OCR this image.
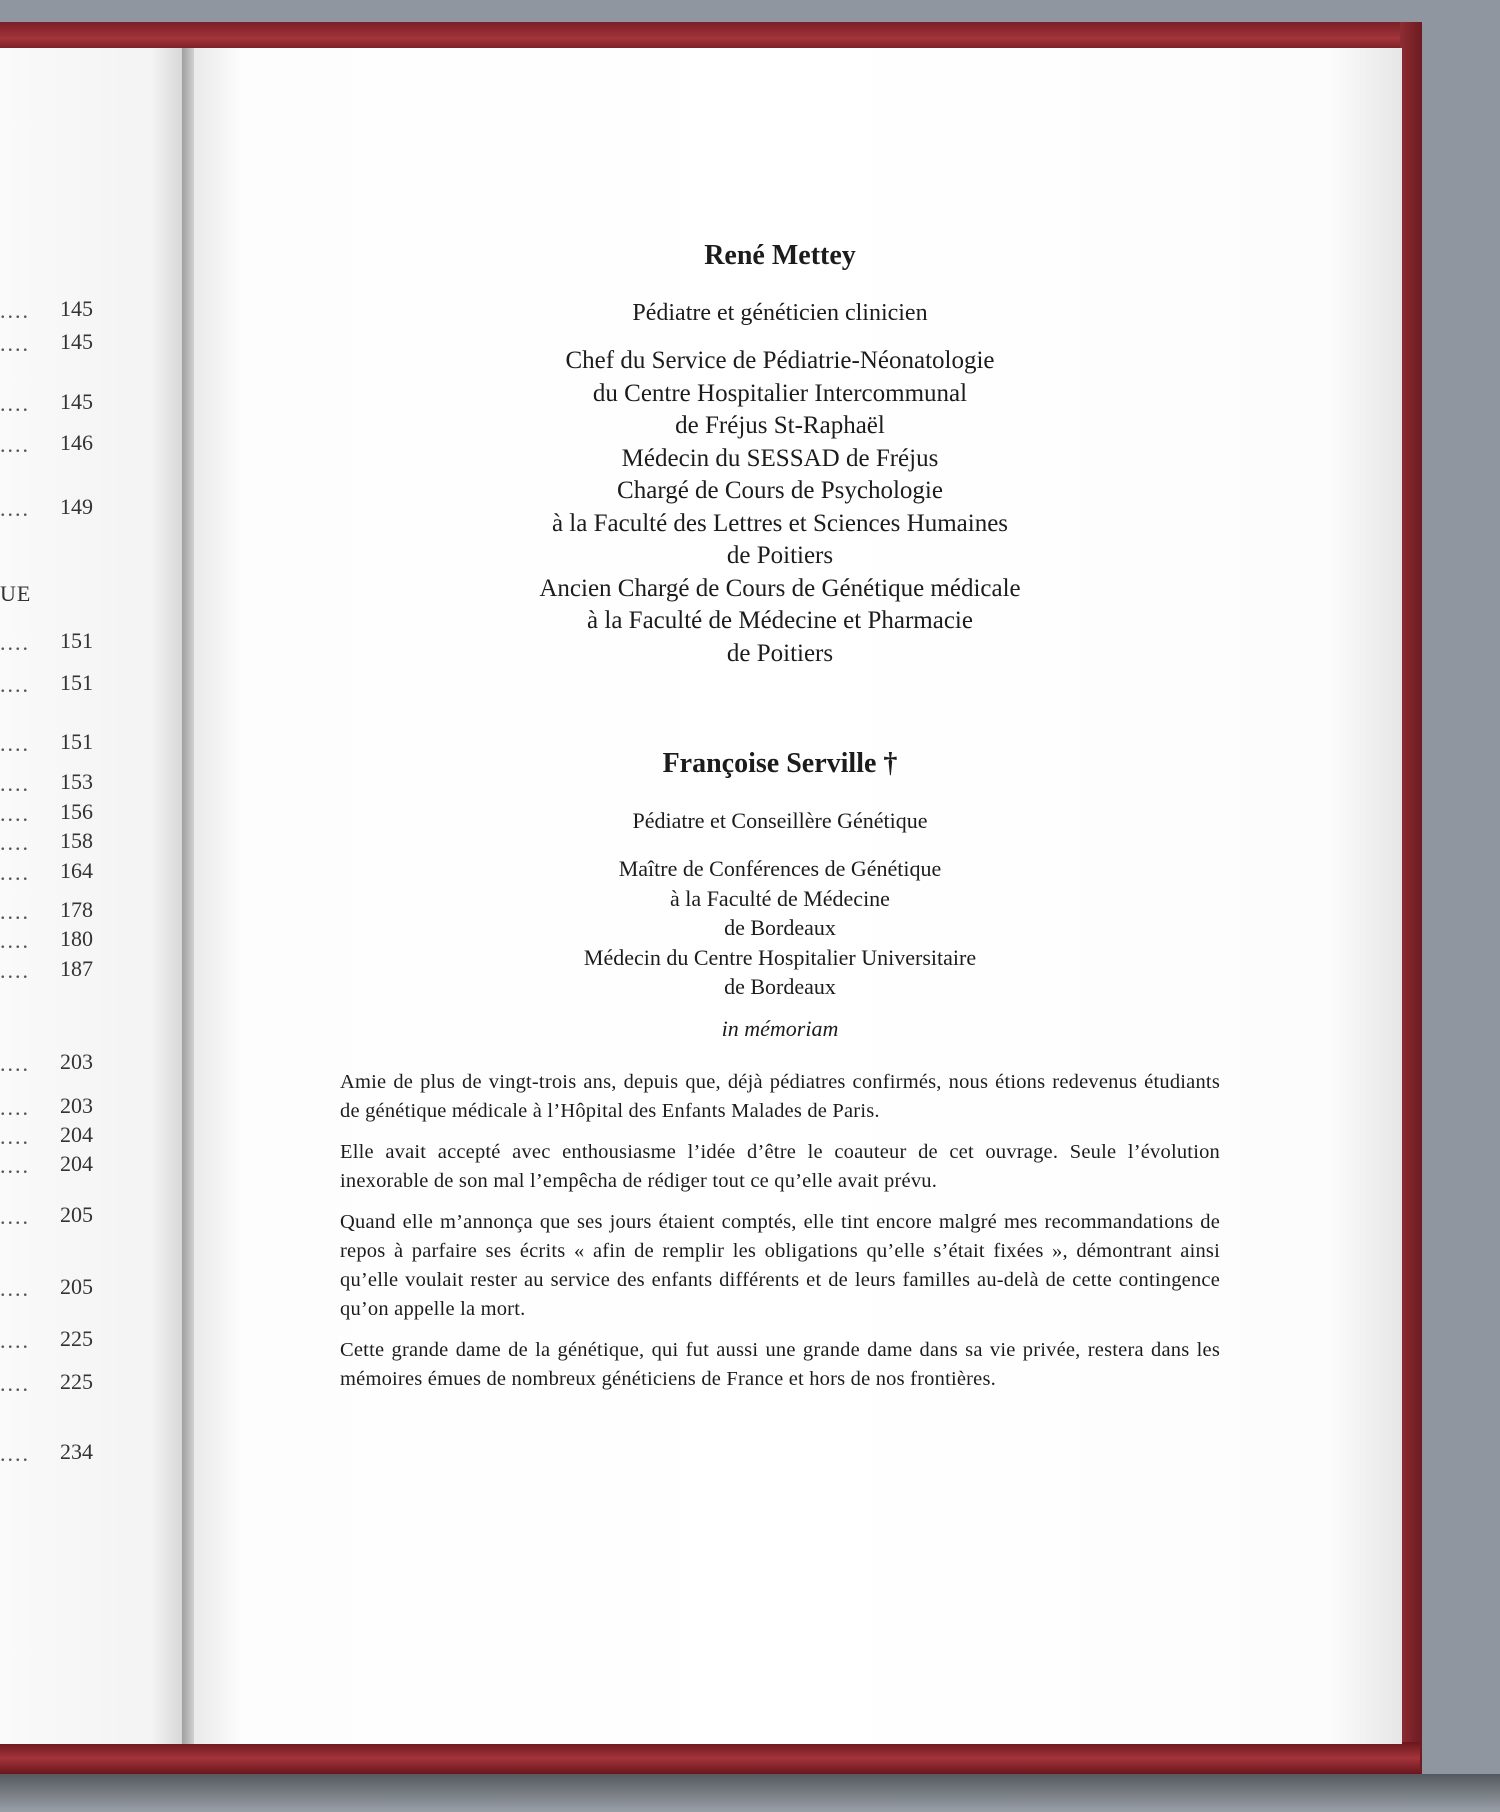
.... 145
.... 145
.... 145
.... 146
.... 149
UE
.... 151
.... 151
.... 151
.... 153
.... 156
.... 158
.... 164
.... 178
.... 180
.... 187
.... 203
.... 203
.... 204
.... 204
.... 205
.... 205
.... 225
.... 225
.... 234
René Mettey

Pédiatre et généticien clinicien

Chef du Service de Pédiatrie-Néonatologie

du Centre Hospitalier Intercommunal

de Fréjus St-Raphaël

Médecin du SESSAD de Fréjus

Chargé de Cours de Psychologie

à la Faculté des Lettres et Sciences Humaines

de Poitiers

Ancien Chargé de Cours de Génétique médicale

à la Faculté de Médecine et Pharmacie

de Poitiers

Françoise Serville †

Pédiatre et Conseillère Génétique

Maître de Conférences de Génétique

à la Faculté de Médecine

de Bordeaux

Médecin du Centre Hospitalier Universitaire

de Bordeaux

in mémoriam

Amie de plus de vingt-trois ans, depuis que, déjà pédiatres confirmés, nous étions redevenus étudiants de génétique médicale à l’Hôpital des Enfants Malades de Paris.

Elle avait accepté avec enthousiasme l’idée d’être le coauteur de cet ouvrage. Seule l’évolution inexorable de son mal l’empêcha de rédiger tout ce qu’elle avait prévu.

Quand elle m’annonça que ses jours étaient comptés, elle tint encore malgré mes recommandations de repos à parfaire ses écrits « afin de remplir les obligations qu’elle s’était fixées », démontrant ainsi qu’elle voulait rester au service des enfants différents et de leurs familles au-delà de cette contingence qu’on appelle la mort.

Cette grande dame de la génétique, qui fut aussi une grande dame dans sa vie privée, restera dans les mémoires émues de nombreux généticiens de France et hors de nos frontières.
